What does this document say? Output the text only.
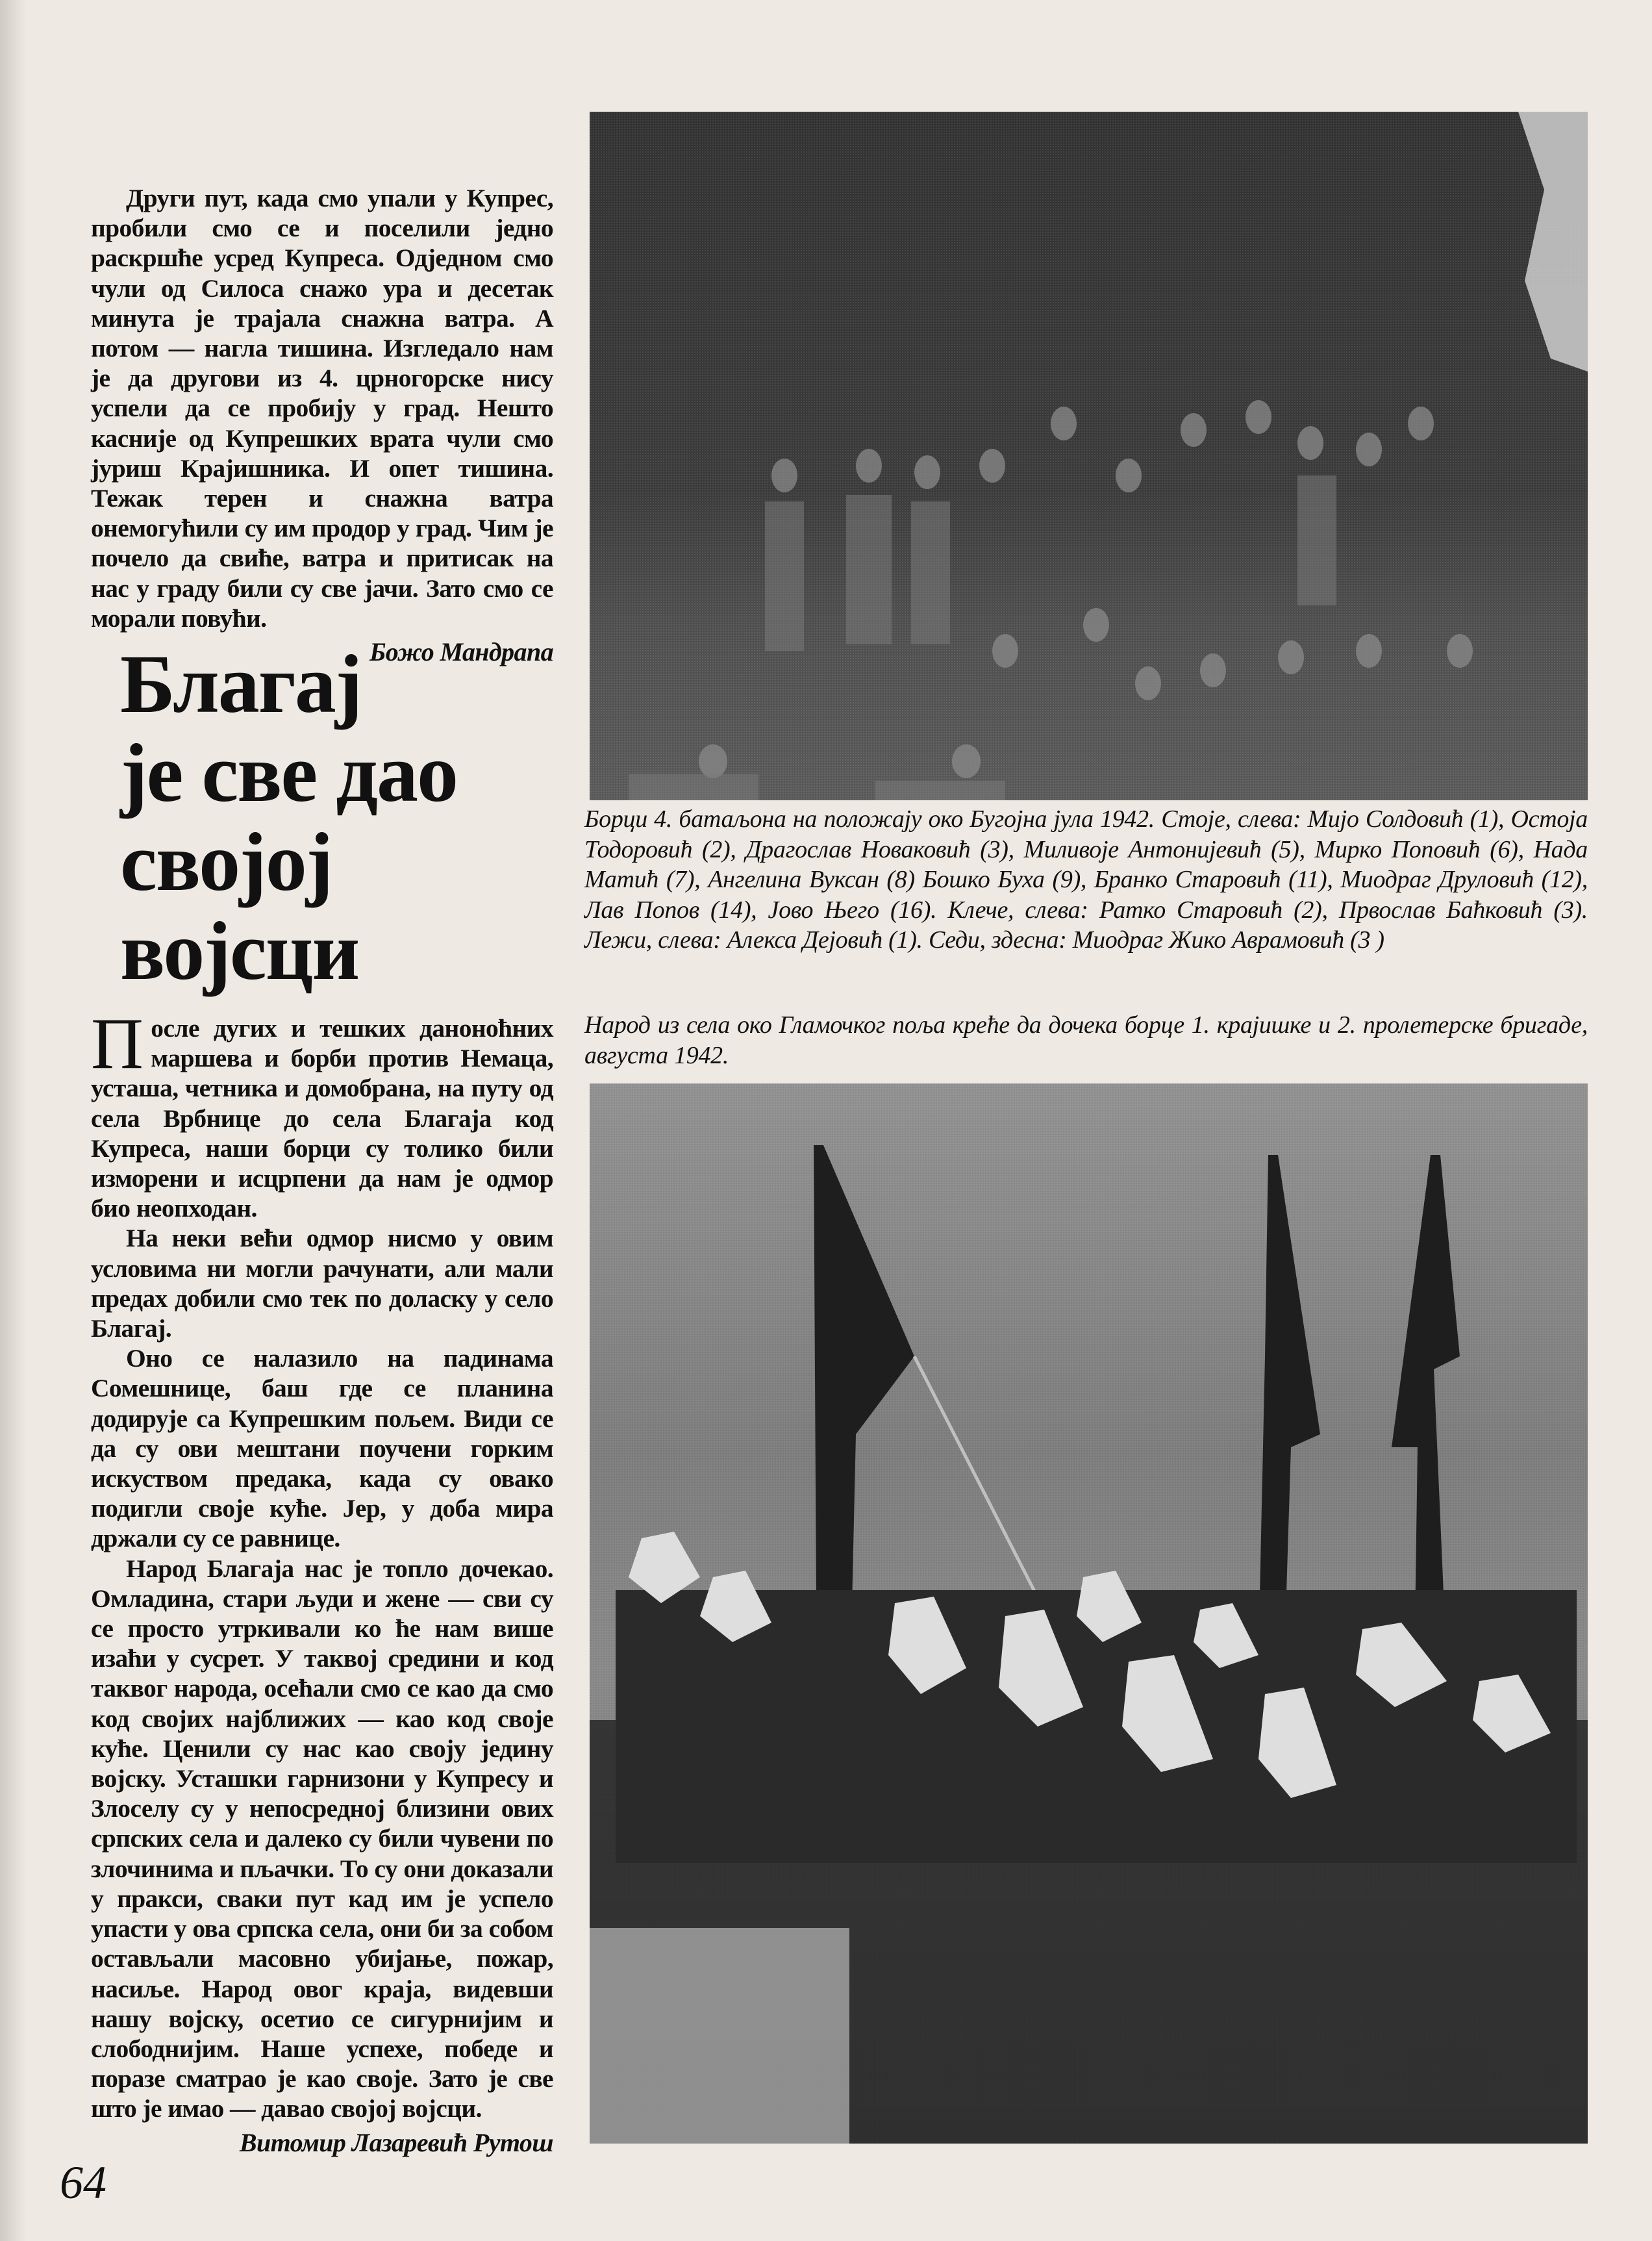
Други пут, када смо упали у Купрес, пробили смо се и поселили једно раскршће усред Купреса. Одједном смо чули од Силоса снажо ура и десетак минута је трајала снажна ватра. А потом — нагла тишина. Изгледало нам је да другови из 4. црногорске нису успели да се пробију у град. Нешто касније од Купрешких врата чули смо јуриш Крајишника. И опет тишина. Тежак терен и снажна ватра онемогућили су им продор у град. Чим је почело да свиће, ватра и притисак на нас у граду били су све јачи. Зато смо се морали повући.

Божо Мандрапа
Благај
је све дао
својој
војсци

После дугих и тешких данонoћних маршева и борби против Немаца, усташа, четника и домобрана, на путу од села Врбнице до села Благаја код Купреса, наши борци су толико били изморени и исцрпени да нам је одмор био неопходан.

На неки већи одмор нисмо у овим условима ни могли рачунати, али мали предах добили смо тек по доласку у село Благај.

Оно се налазило на падинама Сомешнице, баш где се планина додирује са Купрешким пољем. Види се да су ови мештани поучени горким искуством предака, када су овако подигли своје куће. Јер, у доба мира држали су се равнице.

Народ Благаја нас је топло дочекао. Омладина, стари људи и жене — сви су се просто утркивали ко ће нам више изаћи у сусрет. У таквој средини и код таквог народа, осећали смо се као да смо код својих најближих — као код своје куће. Ценили су нас као своју једину војску. Усташки гарнизони у Купресу и Злоселу су у непосредној близини ових српских села и далеко су били чувени по злочинима и пљачки. То су они доказали у пракси, сваки пут кад им је успело упасти у ова српска села, они би за собом остављали масовно убијање, пожар, насиље. Народ овог краја, видевши нашу војску, осетио се сигурнијим и слободнијим. Наше успехе, победе и поразе сматрао је као своје. Зато је све што је имао — давао својој војсци.

Витомир Лазаревић Рутош
Борци 4. батаљона на положају око Бугојна јула 1942. Стоје, слева: Мијо Солдовић (1), Остоја Тодоровић (2), Драгослав Новаковић (3), Миливоје Антонијевић (5), Мирко Поповић (6), Нада Матић (7), Ангелина Вуксан (8) Бошко Буха (9), Бранко Старовић (11), Миодраг Друловић (12), Лав Попов (14), Јово Њего (16). Клече, слева: Ратко Старовић (2), Првослав Баћковић (3). Лежи, слева: Алекса Дејовић (1). Седи, здесна: Миодраг Жико Аврамовић (3 )
Народ из села око Гламочког поља креће да дочека борце 1. крајишке и 2. пролетерске бригаде, августа 1942.
64
